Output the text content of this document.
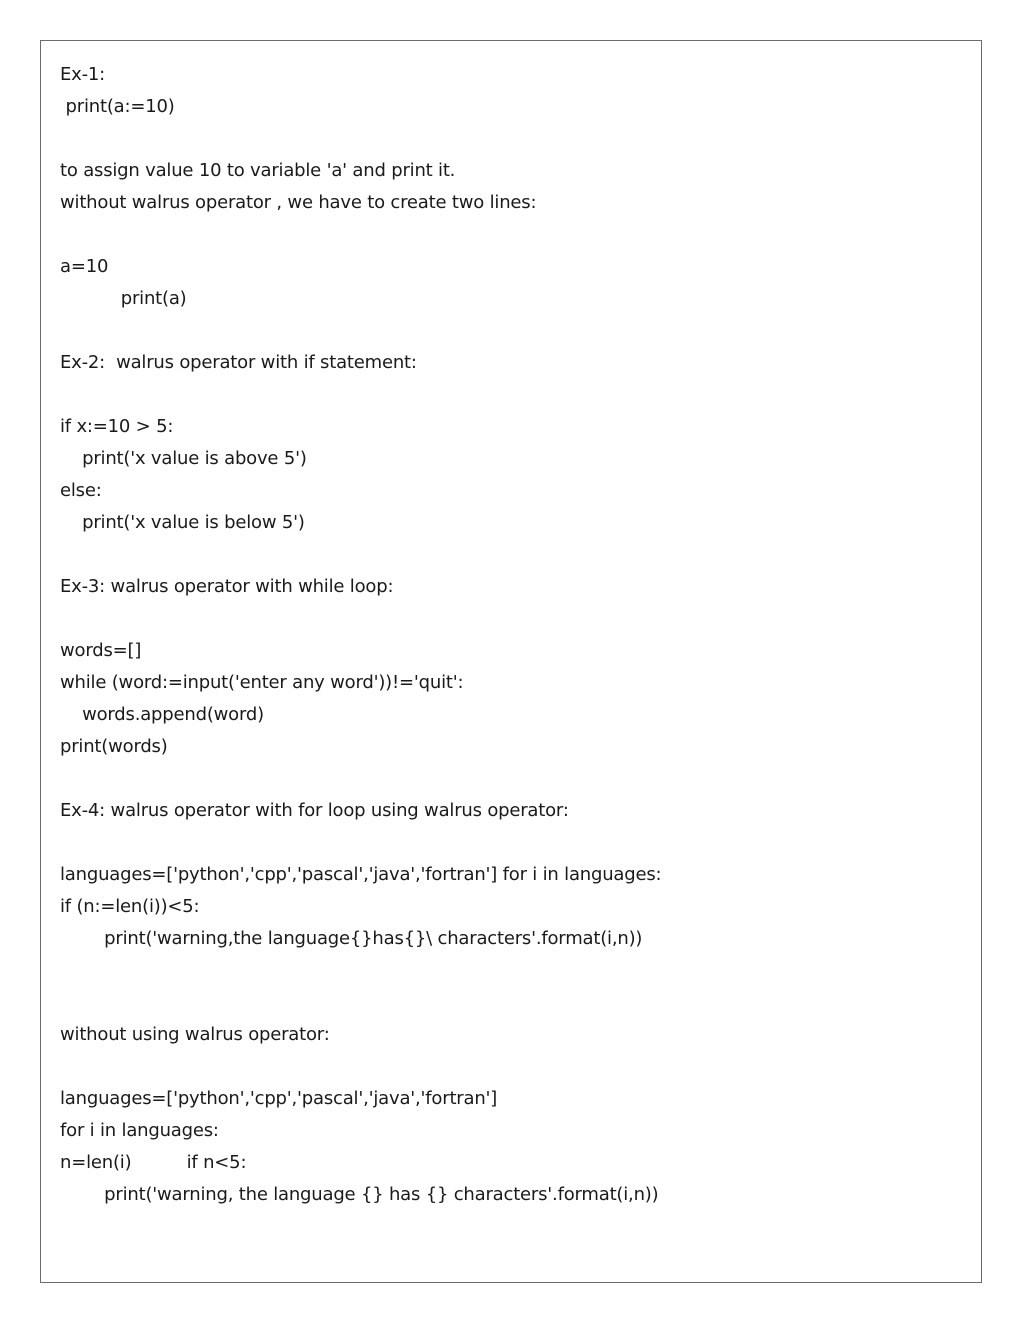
Ex-1:
print(a:=10)
to assign value 10 to variable 'a' and print it.
without walrus operator , we have to create two lines:
a=10
print(a)
Ex-2:  walrus operator with if statement:
if x:=10 > 5:
print('x value is above 5')
else:
print('x value is below 5')
Ex-3: walrus operator with while loop:
words=[]
while (word:=input('enter any word'))!='quit':
words.append(word)
print(words)
Ex-4: walrus operator with for loop using walrus operator:
languages=['python','cpp','pascal','java','fortran'] for i in languages:
if (n:=len(i))<5:
print('warning,the language{}has{}\ characters'.format(i,n))
without using walrus operator:
languages=['python','cpp','pascal','java','fortran']
for i in languages:
n=len(i)          if n<5:
print('warning, the language {} has {} characters'.format(i,n))
